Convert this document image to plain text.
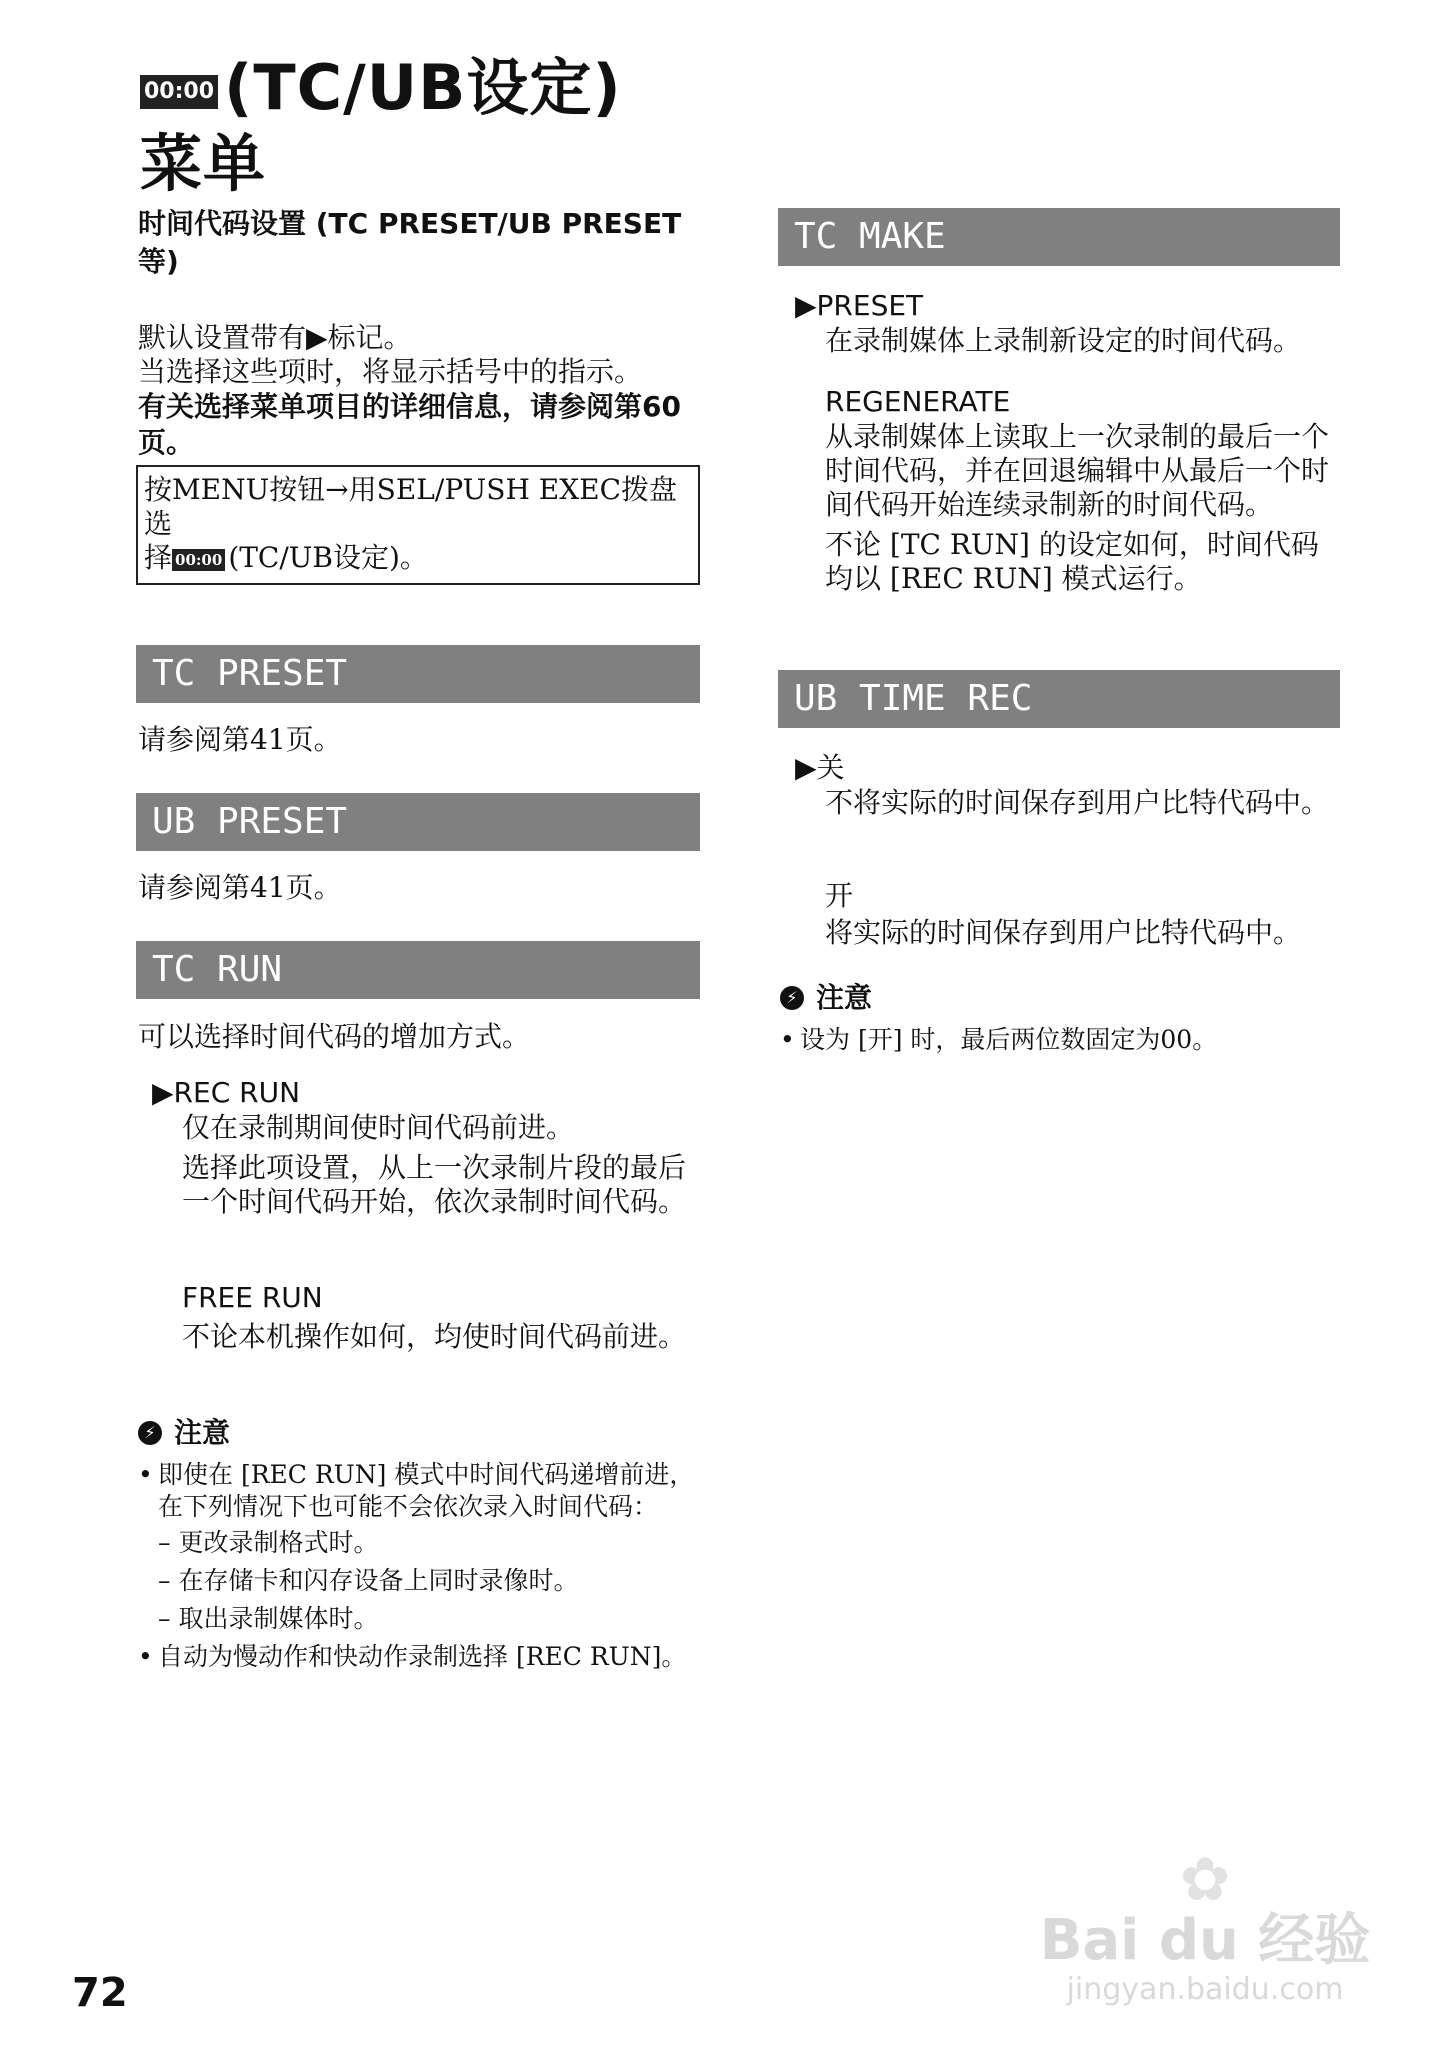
00:00 (TC/UB设定)
菜单
时间代码设置 (TC PRESET/UB PRESET等)
默认设置带有▶标记。
当选择这些项时，将显示括号中的指示。
有关选择菜单项目的详细信息，请参阅第60页。
按MENU按钮→用SEL/PUSH EXEC拨盘选
择 00:00 (TC/UB设定)。
TC PRESET
请参阅第41页。
UB PRESET
请参阅第41页。
TC RUN
可以选择时间代码的增加方式。
▶REC RUN
仅在录制期间使时间代码前进。
选择此项设置，从上一次录制片段的最后一个时间代码开始，依次录制时间代码。
FREE RUN
不论本机操作如何，均使时间代码前进。
⚡ 注意
• 即使在 [REC RUN] 模式中时间代码递增前进，在下列情况下也可能不会依次录入时间代码：
– 更改录制格式时。
– 在存储卡和闪存设备上同时录像时。
– 取出录制媒体时。
• 自动为慢动作和快动作录制选择 [REC RUN]。
TC MAKE
▶PRESET
在录制媒体上录制新设定的时间代码。
REGENERATE
从录制媒体上读取上一次录制的最后一个时间代码，并在回退编辑中从最后一个时间代码开始连续录制新的时间代码。
不论 [TC RUN] 的设定如何，时间代码均以 [REC RUN] 模式运行。
UB TIME REC
▶关
不将实际的时间保存到用户比特代码中。
开
将实际的时间保存到用户比特代码中。
⚡ 注意
• 设为 [开] 时，最后两位数固定为00。
72
✿
Bai du 经验
jingyan.baidu.com
